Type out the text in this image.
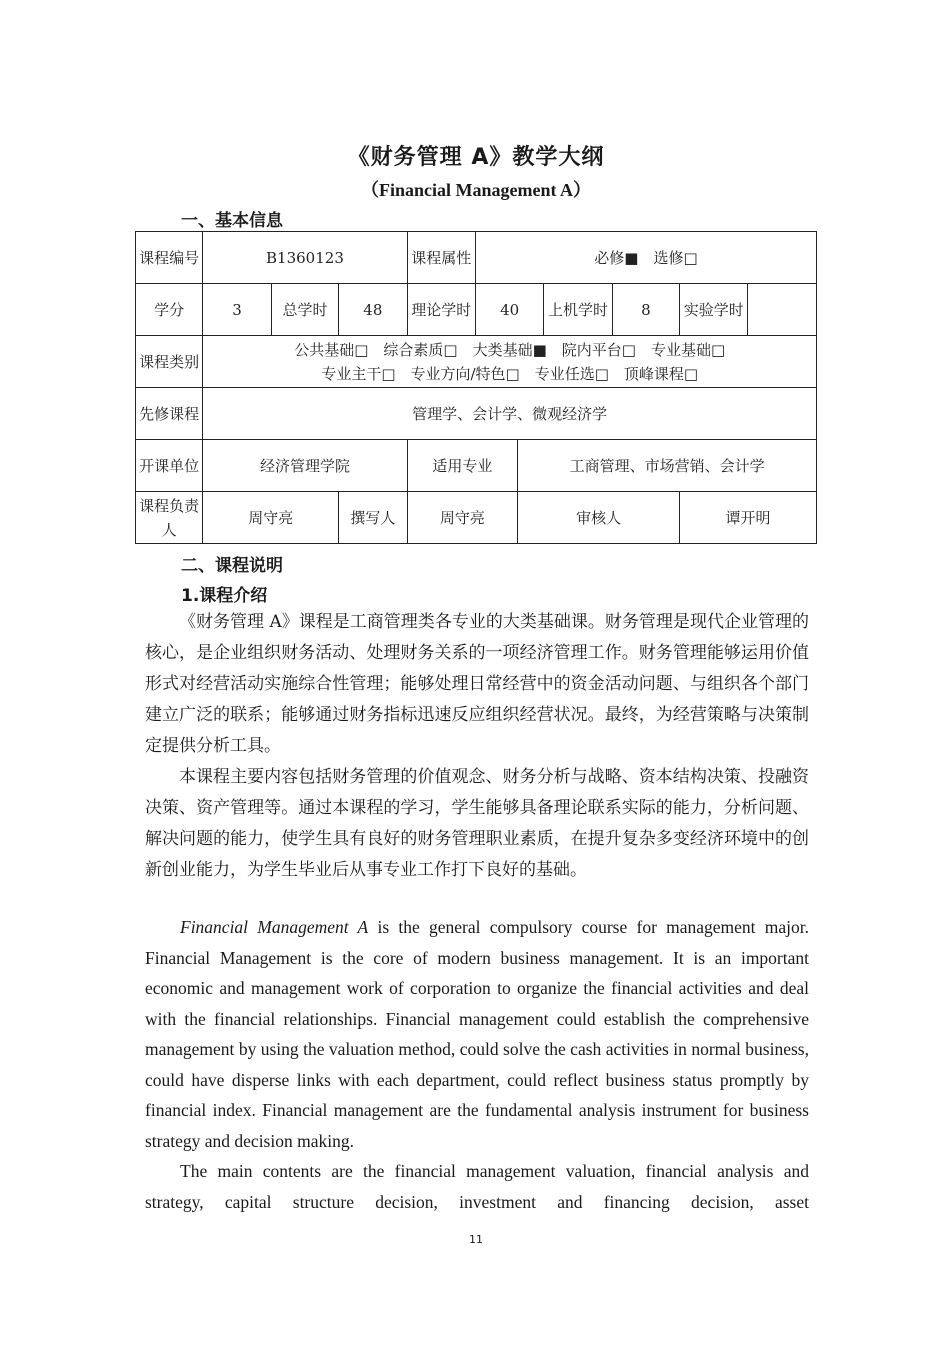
《财务管理 A》教学大纲
（Financial Management A）
一、基本信息
课程编号	B1360123			课程属性	必修■　选修□					
学分	3	总学时	48	理论学时	40		上机学时	8	实验学时	
课程类别	公共基础□　综合素质□　大类基础■　院内平台□　专业基础□
专业主干□　专业方向/特色□　专业任选□　顶峰课程□									

先修课程	管理学、会计学、微观经济学									
开课单位	经济管理学院			适用专业		工商管理、市场营销、会计学				
课程负责人	周守亮		撰写人	周守亮		审核人			谭开明	
二、课程说明
1.课程介绍

《财务管理 A》课程是工商管理类各专业的大类基础课。财务管理是现代企业管理的核心，是企业组织财务活动、处理财务关系的一项经济管理工作。财务管理能够运用价值形式对经营活动实施综合性管理；能够处理日常经营中的资金活动问题、与组织各个部门建立广泛的联系；能够通过财务指标迅速反应组织经营状况。最终，为经营策略与决策制定提供分析工具。

本课程主要内容包括财务管理的价值观念、财务分析与战略、资本结构决策、投融资决策、资产管理等。通过本课程的学习，学生能够具备理论联系实际的能力，分析问题、解决问题的能力，使学生具有良好的财务管理职业素质，在提升复杂多变经济环境中的创新创业能力，为学生毕业后从事专业工作打下良好的基础。

Financial Management A is the general compulsory course for management major. Financial Management is the core of modern business management. It is an important economic and management work of corporation to organize the financial activities and deal with the financial relationships. Financial management could establish the comprehensive management by using the valuation method, could solve the cash activities in normal business, could have disperse links with each department, could reflect business status promptly by financial index. Financial management are the fundamental analysis instrument for business strategy and decision making.

The main contents are the financial management valuation, financial analysis and strategy, capital structure decision, investment and financing decision, asset

11
